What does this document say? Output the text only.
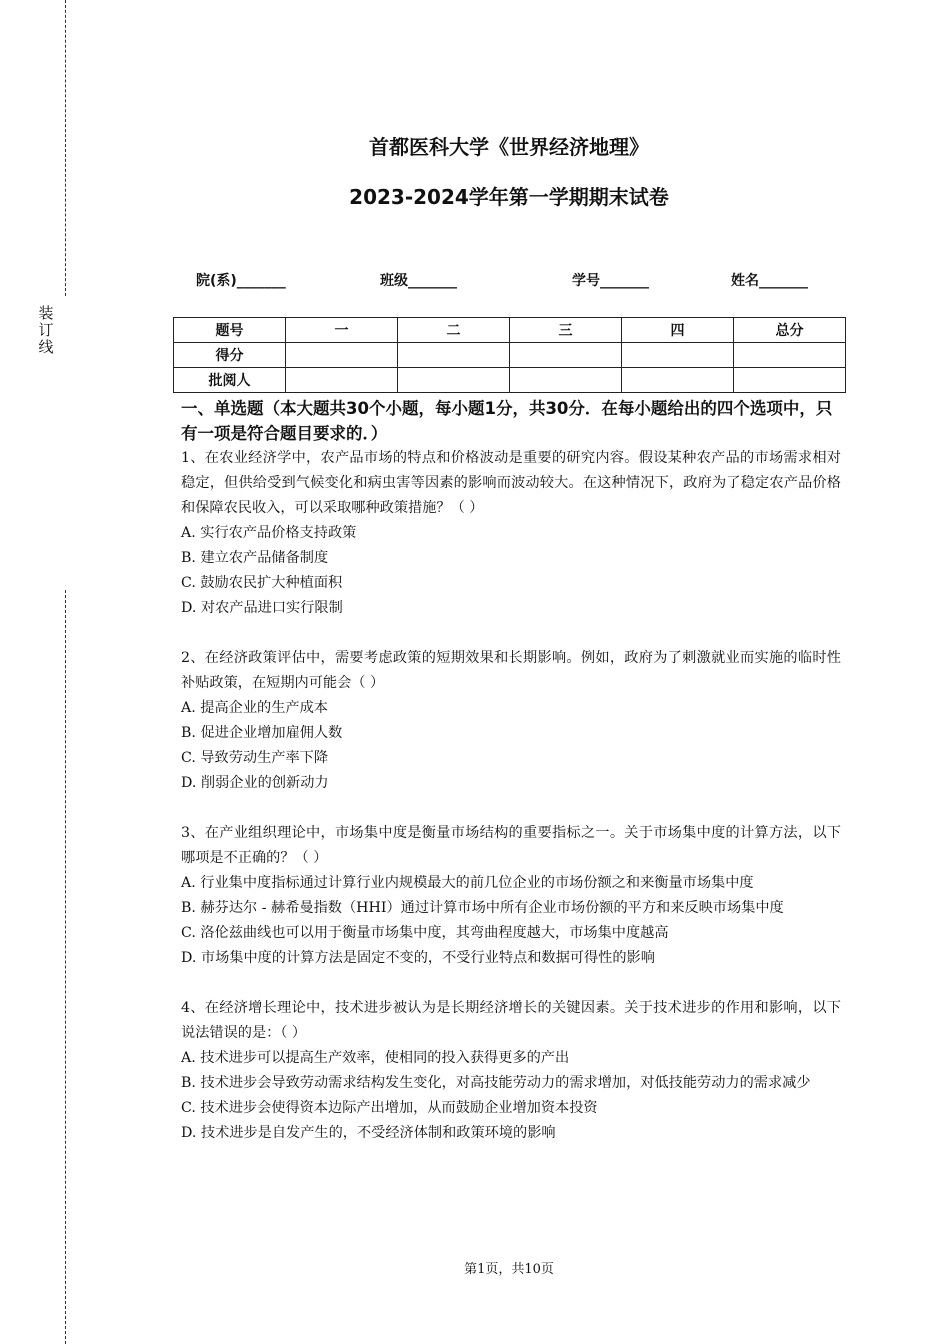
装
订
线
首都医科大学《世界经济地理》
2023-2024学年第一学期期末试卷
院(系)_______	班级_______	学号_______	姓名_______
题号	一	二	三	四	总分
得分					
批阅人					

一、单选题（本大题共30个小题，每小题1分，共30分．在每小题给出的四个选项中，只有一项是符合题目要求的．）

1、在农业经济学中，农产品市场的特点和价格波动是重要的研究内容。假设某种农产品的市场需求相对稳定，但供给受到气候变化和病虫害等因素的影响而波动较大。在这种情况下，政府为了稳定农产品价格和保障农民收入，可以采取哪种政策措施？（ ）

A. 实行农产品价格支持政策

B. 建立农产品储备制度

C. 鼓励农民扩大种植面积

D. 对农产品进口实行限制

2、在经济政策评估中，需要考虑政策的短期效果和长期影响。例如，政府为了刺激就业而实施的临时性补贴政策，在短期内可能会（ ）

A. 提高企业的生产成本

B. 促进企业增加雇佣人数

C. 导致劳动生产率下降

D. 削弱企业的创新动力

3、在产业组织理论中，市场集中度是衡量市场结构的重要指标之一。关于市场集中度的计算方法，以下哪项是不正确的？（ ）

A. 行业集中度指标通过计算行业内规模最大的前几位企业的市场份额之和来衡量市场集中度

B. 赫芬达尔 - 赫希曼指数（HHI）通过计算市场中所有企业市场份额的平方和来反映市场集中度

C. 洛伦兹曲线也可以用于衡量市场集中度，其弯曲程度越大，市场集中度越高

D. 市场集中度的计算方法是固定不变的，不受行业特点和数据可得性的影响

4、在经济增长理论中，技术进步被认为是长期经济增长的关键因素。关于技术进步的作用和影响，以下说法错误的是：（ ）

A. 技术进步可以提高生产效率，使相同的投入获得更多的产出

B. 技术进步会导致劳动需求结构发生变化，对高技能劳动力的需求增加，对低技能劳动力的需求减少

C. 技术进步会使得资本边际产出增加，从而鼓励企业增加资本投资

D. 技术进步是自发产生的，不受经济体制和政策环境的影响

第1页，共10页
